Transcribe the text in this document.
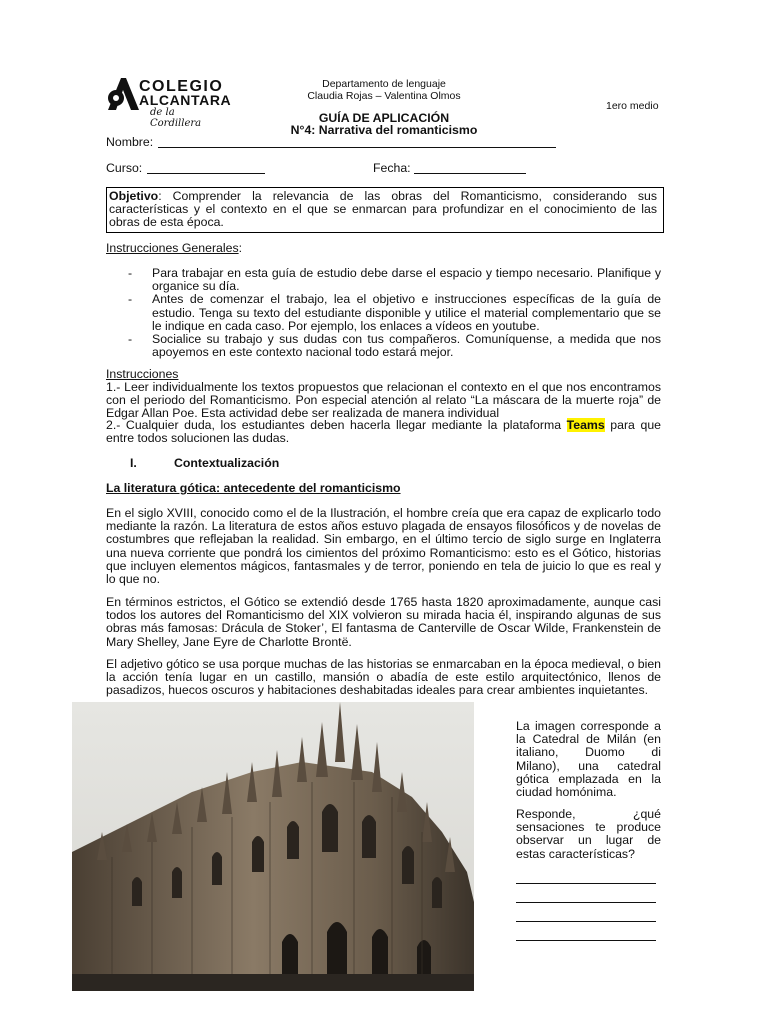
COLEGIO
ALCANTARA
de la Cordillera
Departamento de lenguaje
Claudia Rojas – Valentina Olmos
1ero medio
GUÍA DE APLICACIÓN
N°4: Narrativa del romanticismo
Nombre:
Curso:	Fecha:
Objetivo: Comprender la relevancia de las obras del Romanticismo, considerando sus características y el contexto en el que se enmarcan para profundizar en el conocimiento de las obras de esta época.
Instrucciones Generales:
- Para trabajar en esta guía de estudio debe darse el espacio y tiempo necesario. Planifique y organice su día.
- Antes de comenzar el trabajo, lea el objetivo e instrucciones específicas de la guía de estudio. Tenga su texto del estudiante disponible y utilice el material complementario que se le indique en cada caso. Por ejemplo, los enlaces a vídeos en youtube.
- Socialice su trabajo y sus dudas con tus compañeros. Comuníquense, a medida que nos apoyemos en este contexto nacional todo estará mejor.
Instrucciones
1.- Leer individualmente los textos propuestos que relacionan el contexto en el que nos encontramos con el periodo del Romanticismo. Pon especial atención al relato “La máscara de la muerte roja” de Edgar Allan Poe. Esta actividad debe ser realizada de manera individual
2.- Cualquier duda, los estudiantes deben hacerla llegar mediante la plataforma Teams para que entre todos solucionen las dudas.
I.	Contextualización
La literatura gótica: antecedente del romanticismo
En el siglo XVIII, conocido como el de la Ilustración, el hombre creía que era capaz de explicarlo todo mediante la razón. La literatura de estos años estuvo plagada de ensayos filosóficos y de novelas de costumbres que reflejaban la realidad. Sin embargo, en el último tercio de siglo surge en Inglaterra una nueva corriente que pondrá los cimientos del próximo Romanticismo: esto es el Gótico, historias que incluyen elementos mágicos, fantasmales y de terror, poniendo en tela de juicio lo que es real y lo que no.
En términos estrictos, el Gótico se extendió desde 1765 hasta 1820 aproximadamente, aunque casi todos los autores del Romanticismo del XIX volvieron su mirada hacia él, inspirando algunas de sus obras más famosas: Drácula de Stoker’, El fantasma de Canterville de Oscar Wilde, Frankenstein de Mary Shelley, Jane Eyre de Charlotte Brontë.
El adjetivo gótico se usa porque muchas de las historias se enmarcaban en la época medieval, o bien la acción tenía lugar en un castillo, mansión o abadía de este estilo arquitectónico, llenos de pasadizos, huecos oscuros y habitaciones deshabitadas ideales para crear ambientes inquietantes.
La imagen corresponde a la Catedral de Milán (en italiano, Duomo di Milano), una catedral gótica emplazada en la ciudad homónima.
Responde, ¿qué sensaciones te produce observar un lugar de estas características?
